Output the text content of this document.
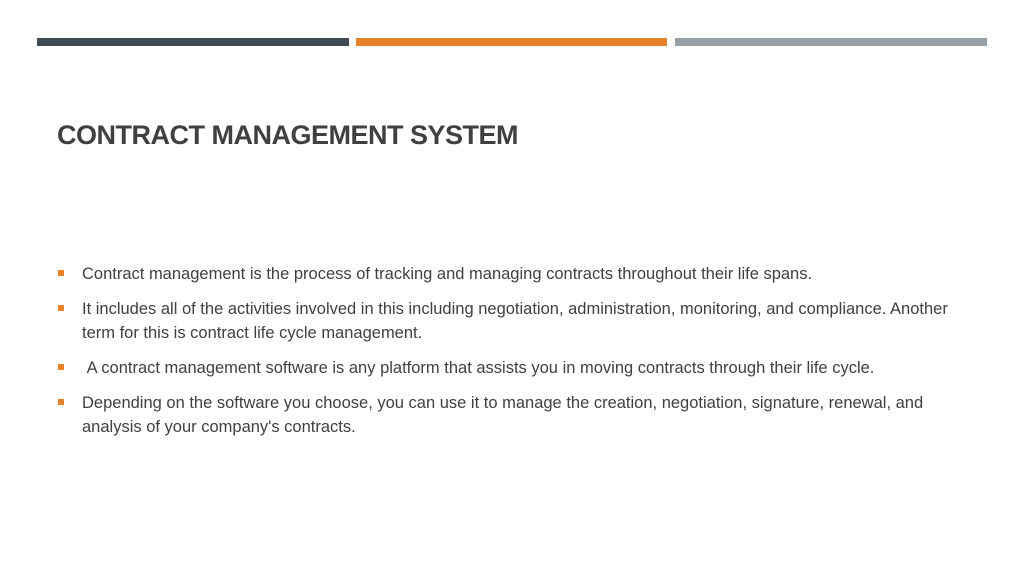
CONTRACT MANAGEMENT SYSTEM
Contract management is the process of tracking and managing contracts throughout their life spans.
It includes all of the activities involved in this including negotiation, administration, monitoring, and compliance. Another term for this is contract life cycle management.
A contract management software is any platform that assists you in moving contracts through their life cycle.
Depending on the software you choose, you can use it to manage the creation, negotiation, signature, renewal, and analysis of your company's contracts.
